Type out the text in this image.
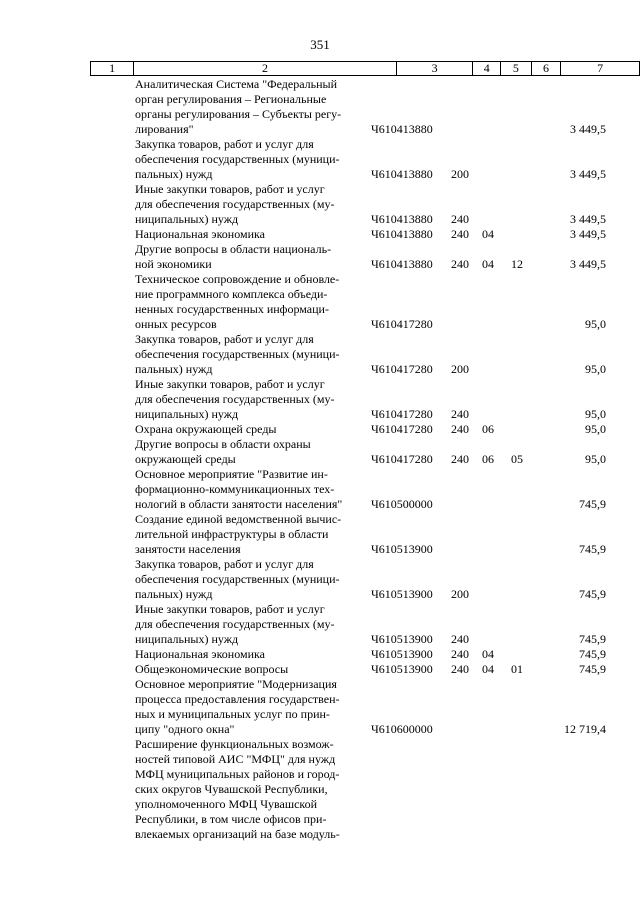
351
1	2	3	4	5	6	7
Аналитическая Система "Федеральный
орган регулирования – Региональные
органы регулирования – Субъекты регу-
лирования"	Ч610413880	3 449,5
Закупка товаров, работ и услуг для
обеспечения государственных (муници-
пальных) нужд	Ч610413880 200	3 449,5
Иные закупки товаров, работ и услуг
для обеспечения государственных (му-
ниципальных) нужд	Ч610413880 240	3 449,5
Национальная экономика	Ч610413880 240 04	3 449,5
Другие вопросы в области националь-
ной экономики	Ч610413880 240 04 12	3 449,5
Техническое сопровождение и обновле-
ние программного комплекса объеди-
ненных государственных информаци-
онных ресурсов	Ч610417280	95,0
Закупка товаров, работ и услуг для
обеспечения государственных (муници-
пальных) нужд	Ч610417280 200	95,0
Иные закупки товаров, работ и услуг
для обеспечения государственных (му-
ниципальных) нужд	Ч610417280 240	95,0
Охрана окружающей среды	Ч610417280 240 06	95,0
Другие вопросы в области охраны
окружающей среды	Ч610417280 240 06 05	95,0
Основное мероприятие "Развитие ин-
формационно-коммуникационных тех-
нологий в области занятости населения"	Ч610500000	745,9
Создание единой ведомственной вычис-
лительной инфраструктуры в области
занятости населения	Ч610513900	745,9
Закупка товаров, работ и услуг для
обеспечения государственных (муници-
пальных) нужд	Ч610513900 200	745,9
Иные закупки товаров, работ и услуг
для обеспечения государственных (му-
ниципальных) нужд	Ч610513900 240	745,9
Национальная экономика	Ч610513900 240 04	745,9
Общеэкономические вопросы	Ч610513900 240 04 01	745,9
Основное мероприятие "Модернизация
процесса предоставления государствен-
ных и муниципальных услуг по прин-
ципу "одного окна"	Ч610600000	12 719,4
Расширение функциональных возмож-
ностей типовой АИС "МФЦ" для нужд
МФЦ муниципальных районов и город-
ских округов Чувашской Республики,
уполномоченного МФЦ Чувашской
Республики, в том числе офисов при-
влекаемых организаций на базе модуль-
